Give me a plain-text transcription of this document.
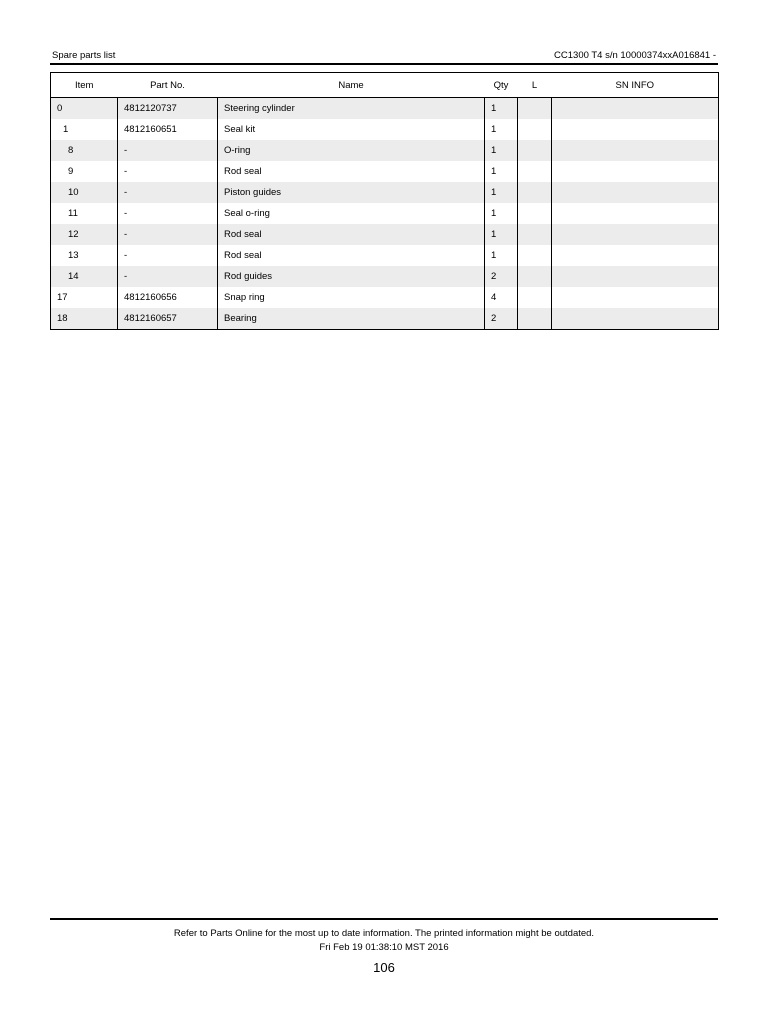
Spare parts list	CC1300 T4 s/n 10000374xxA016841 -
Item	Part No.	Name	Qty	L	SN INFO
0	4812120737	Steering cylinder	1		
1	4812160651	Seal kit	1		
8	-	O-ring	1		
9	-	Rod seal	1		
10	-	Piston guides	1		
11	-	Seal o-ring	1		
12	-	Rod seal	1		
13	-	Rod seal	1		
14	-	Rod guides	2		
17	4812160656	Snap ring	4		
18	4812160657	Bearing	2		
Refer to Parts Online for the most up to date information. The printed information might be outdated.
Fri Feb 19 01:38:10 MST 2016
106
